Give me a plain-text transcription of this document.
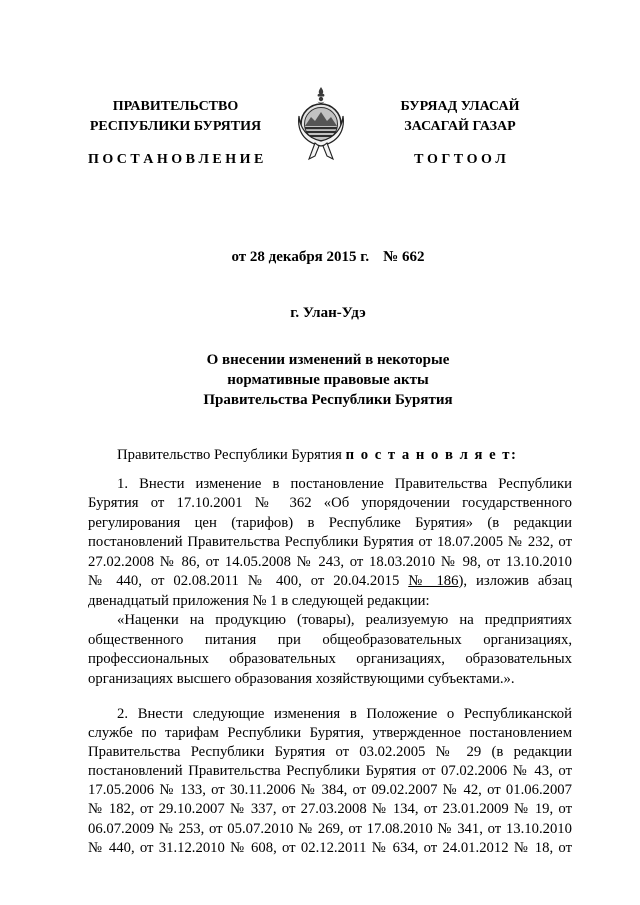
ПРАВИТЕЛЬСТВО
РЕСПУБЛИКИ БУРЯТИЯ
П О С Т А Н О В Л Е Н И Е
БУРЯАД УЛАСАЙ
ЗАСАГАЙ ГАЗАР
Т О Г Т О О Л
от 28 декабря 2015 г. № 662
г. Улан-Удэ
О внесении изменений в некоторые
нормативные правовые акты
Правительства Республики Бурятия
Правительство Республики Бурятия п о с т а н о в л я е т:
1. Внести изменение в постановление Правительства Республики
Бурятия от 17.10.2001 № 362 «Об упорядочении государственного
регулирования цен (тарифов) в Республике Бурятия» (в редакции
постановлений Правительства Республики Бурятия от 18.07.2005 № 232, от
27.02.2008 № 86, от 14.05.2008 № 243, от 18.03.2010 № 98, от 13.10.2010
№ 440, от 02.08.2011 № 400, от 20.04.2015 № 186), изложив абзац
двенадцатый приложения № 1 в следующей редакции:
«Наценки на продукцию (товары), реализуемую на предприятиях
общественного питания при общеобразовательных организациях,
профессиональных образовательных организациях, образовательных
организациях высшего образования хозяйствующими субъектами.».
2. Внести следующие изменения в Положение о Республиканской
службе по тарифам Республики Бурятия, утвержденное постановлением
Правительства Республики Бурятия от 03.02.2005 № 29 (в редакции
постановлений Правительства Республики Бурятия от 07.02.2006 № 43, от
17.05.2006 № 133, от 30.11.2006 № 384, от 09.02.2007 № 42, от 01.06.2007
№ 182, от 29.10.2007 № 337, от 27.03.2008 № 134, от 23.01.2009 № 19, от
06.07.2009 № 253, от 05.07.2010 № 269, от 17.08.2010 № 341, от 13.10.2010
№ 440, от 31.12.2010 № 608, от 02.12.2011 № 634, от 24.01.2012 № 18, от
